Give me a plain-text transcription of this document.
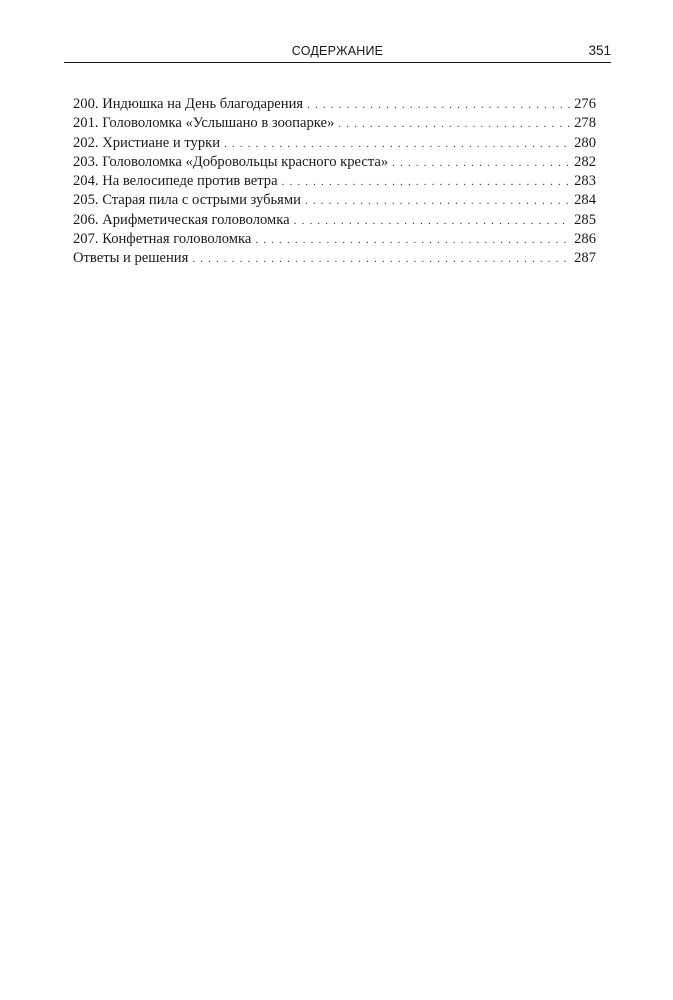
СОДЕРЖАНИЕ	351
200. Индюшка на День благодарения . . .	276
201. Головоломка «Услышано в зоопарке» . . .	278
202. Христиане и турки . . .	280
203. Головоломка «Добровольцы красного креста» . . .	282
204. На велосипеде против ветра . . .	283
205. Старая пила с острыми зубьями . . .	284
206. Арифметическая головоломка . . .	285
207. Конфетная головоломка . . .	286
Ответы и решения . . .	287
